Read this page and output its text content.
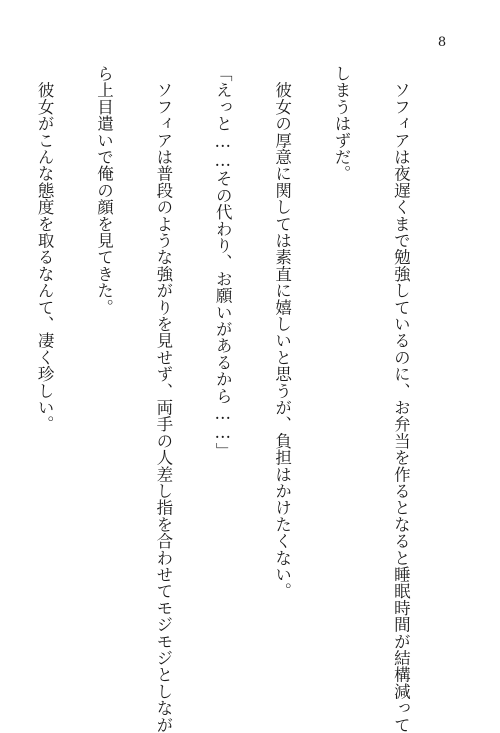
8

　ソフィアは夜遅くまで勉強しているのに、お弁当を作るとなると睡眠時間が結構減って

しまうはずだ。

　彼女の厚意に関しては素直に嬉しいと思うが、負担はかけたくない。

「えっと……その代わり、お願いがあるから……」

　ソフィアは普段のような強がりを見せず、両手の人差し指を合わせてモジモジとしなが

ら上目遣いで俺の顔を見てきた。

　彼女がこんな態度を取るなんて、凄く珍しい。
